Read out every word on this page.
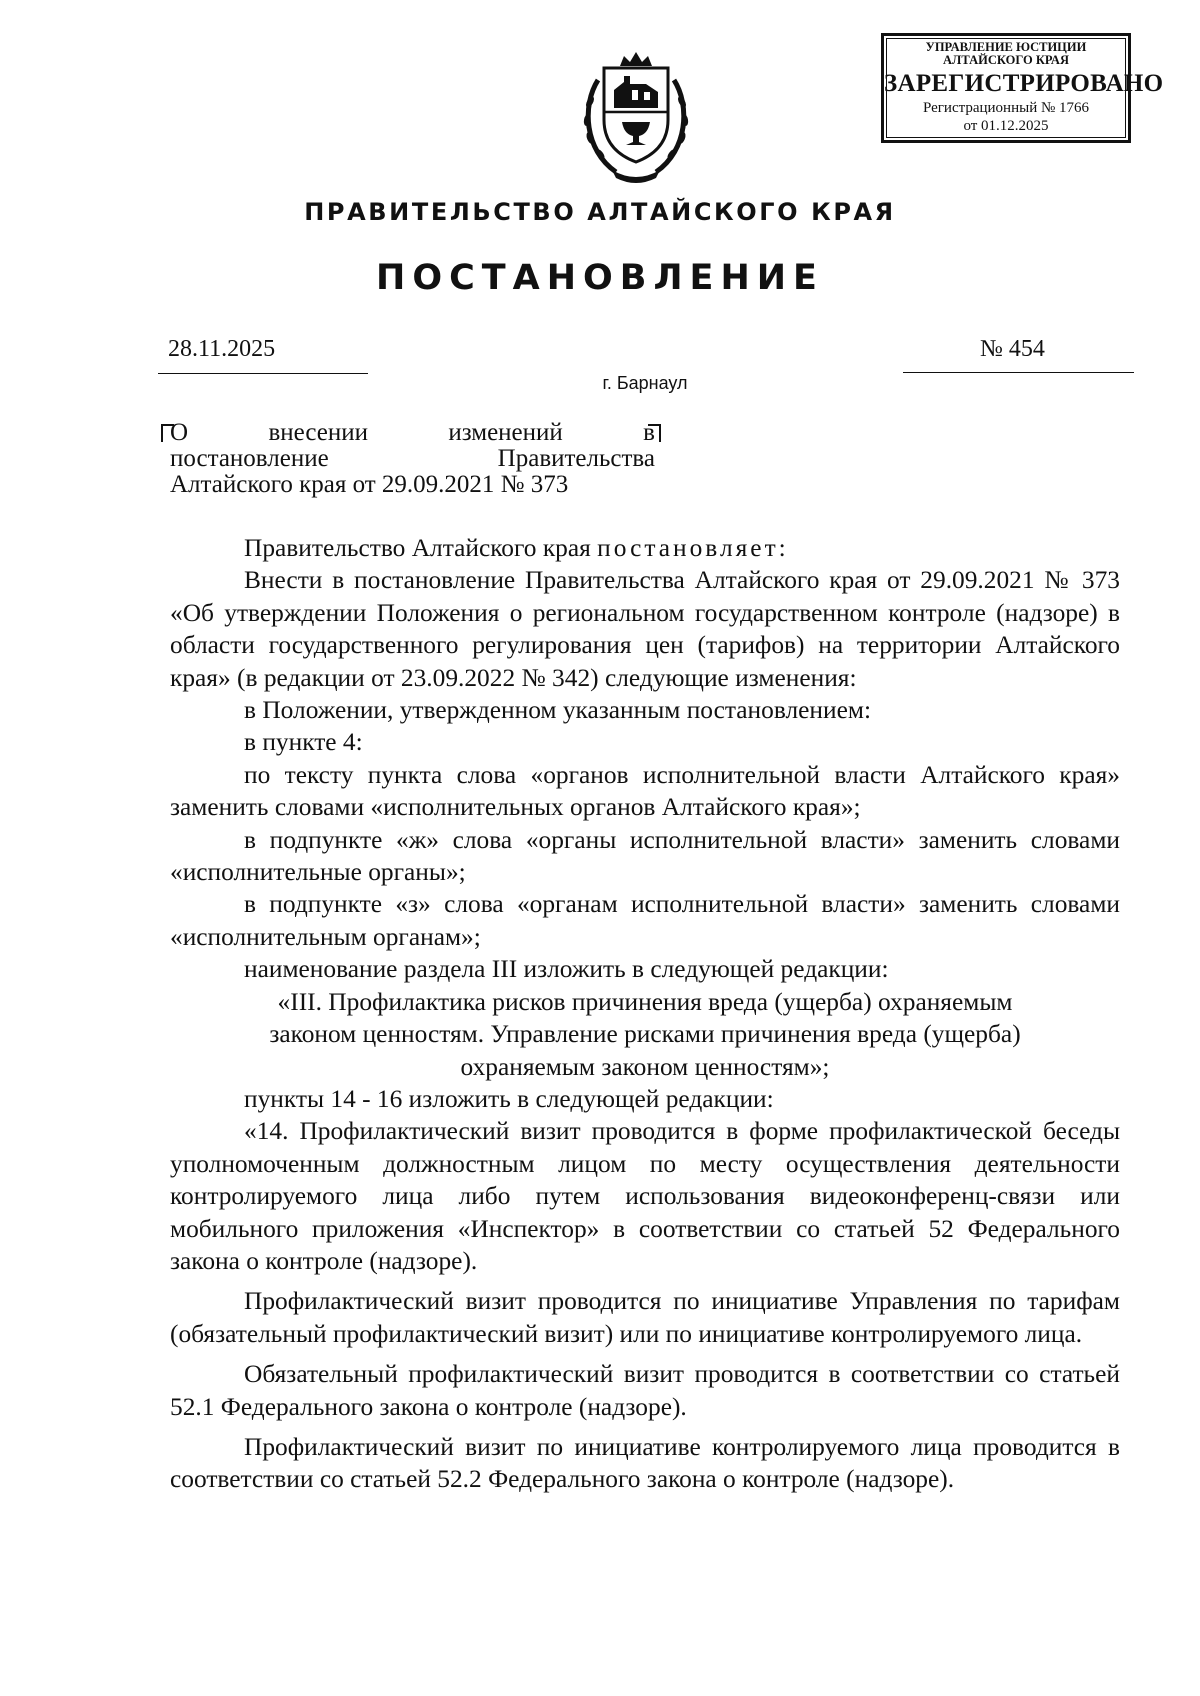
УПРАВЛЕНИЕ ЮСТИЦИИ
АЛТАЙСКОГО КРАЯ
ЗАРЕГИСТРИРОВАНО
Регистрационный № 1766
от 01.12.2025
ПРАВИТЕЛЬСТВО АЛТАЙСКОГО КРАЯ
ПОСТАНОВЛЕНИЕ
28.11.2025	№ 454
г. Барнаул
О	внесении	изменений	в
постановление	Правительства
Алтайского края от 29.09.2021 № 373

Правительство Алтайского края постановляет:

Внести в постановление Правительства Алтайского края от 29.09.2021 № 373 «Об утверждении Положения о региональном государственном контроле (надзоре) в области государственного регулирования цен (тарифов) на территории Алтайского края» (в редакции от 23.09.2022 № 342) следующие изменения:

в Положении, утвержденном указанным постановлением:

в пункте 4:

по тексту пункта слова «органов исполнительной власти Алтайского края» заменить словами «исполнительных органов Алтайского края»;

в подпункте «ж» слова «органы исполнительной власти» заменить словами «исполнительные органы»;

в подпункте «з» слова «органам исполнительной власти» заменить словами «исполнительным органам»;

наименование раздела III изложить в следующей редакции:

«III. Профилактика рисков причинения вреда (ущерба) охраняемым

законом ценностям. Управление рисками причинения вреда (ущерба)

охраняемым законом ценностям»;

пункты 14 - 16 изложить в следующей редакции:

«14. Профилактический визит проводится в форме профилактической беседы уполномоченным должностным лицом по месту осуществления деятельности контролируемого лица либо путем использования видеоконференц-связи или мобильного приложения «Инспектор» в соответствии со статьей 52 Федерального закона о контроле (надзоре).

Профилактический визит проводится по инициативе Управления по тарифам (обязательный профилактический визит) или по инициативе контролируемого лица.

Обязательный профилактический визит проводится в соответствии со статьей 52.1 Федерального закона о контроле (надзоре).

Профилактический визит по инициативе контролируемого лица проводится в соответствии со статьей 52.2 Федерального закона о контроле (надзоре).
